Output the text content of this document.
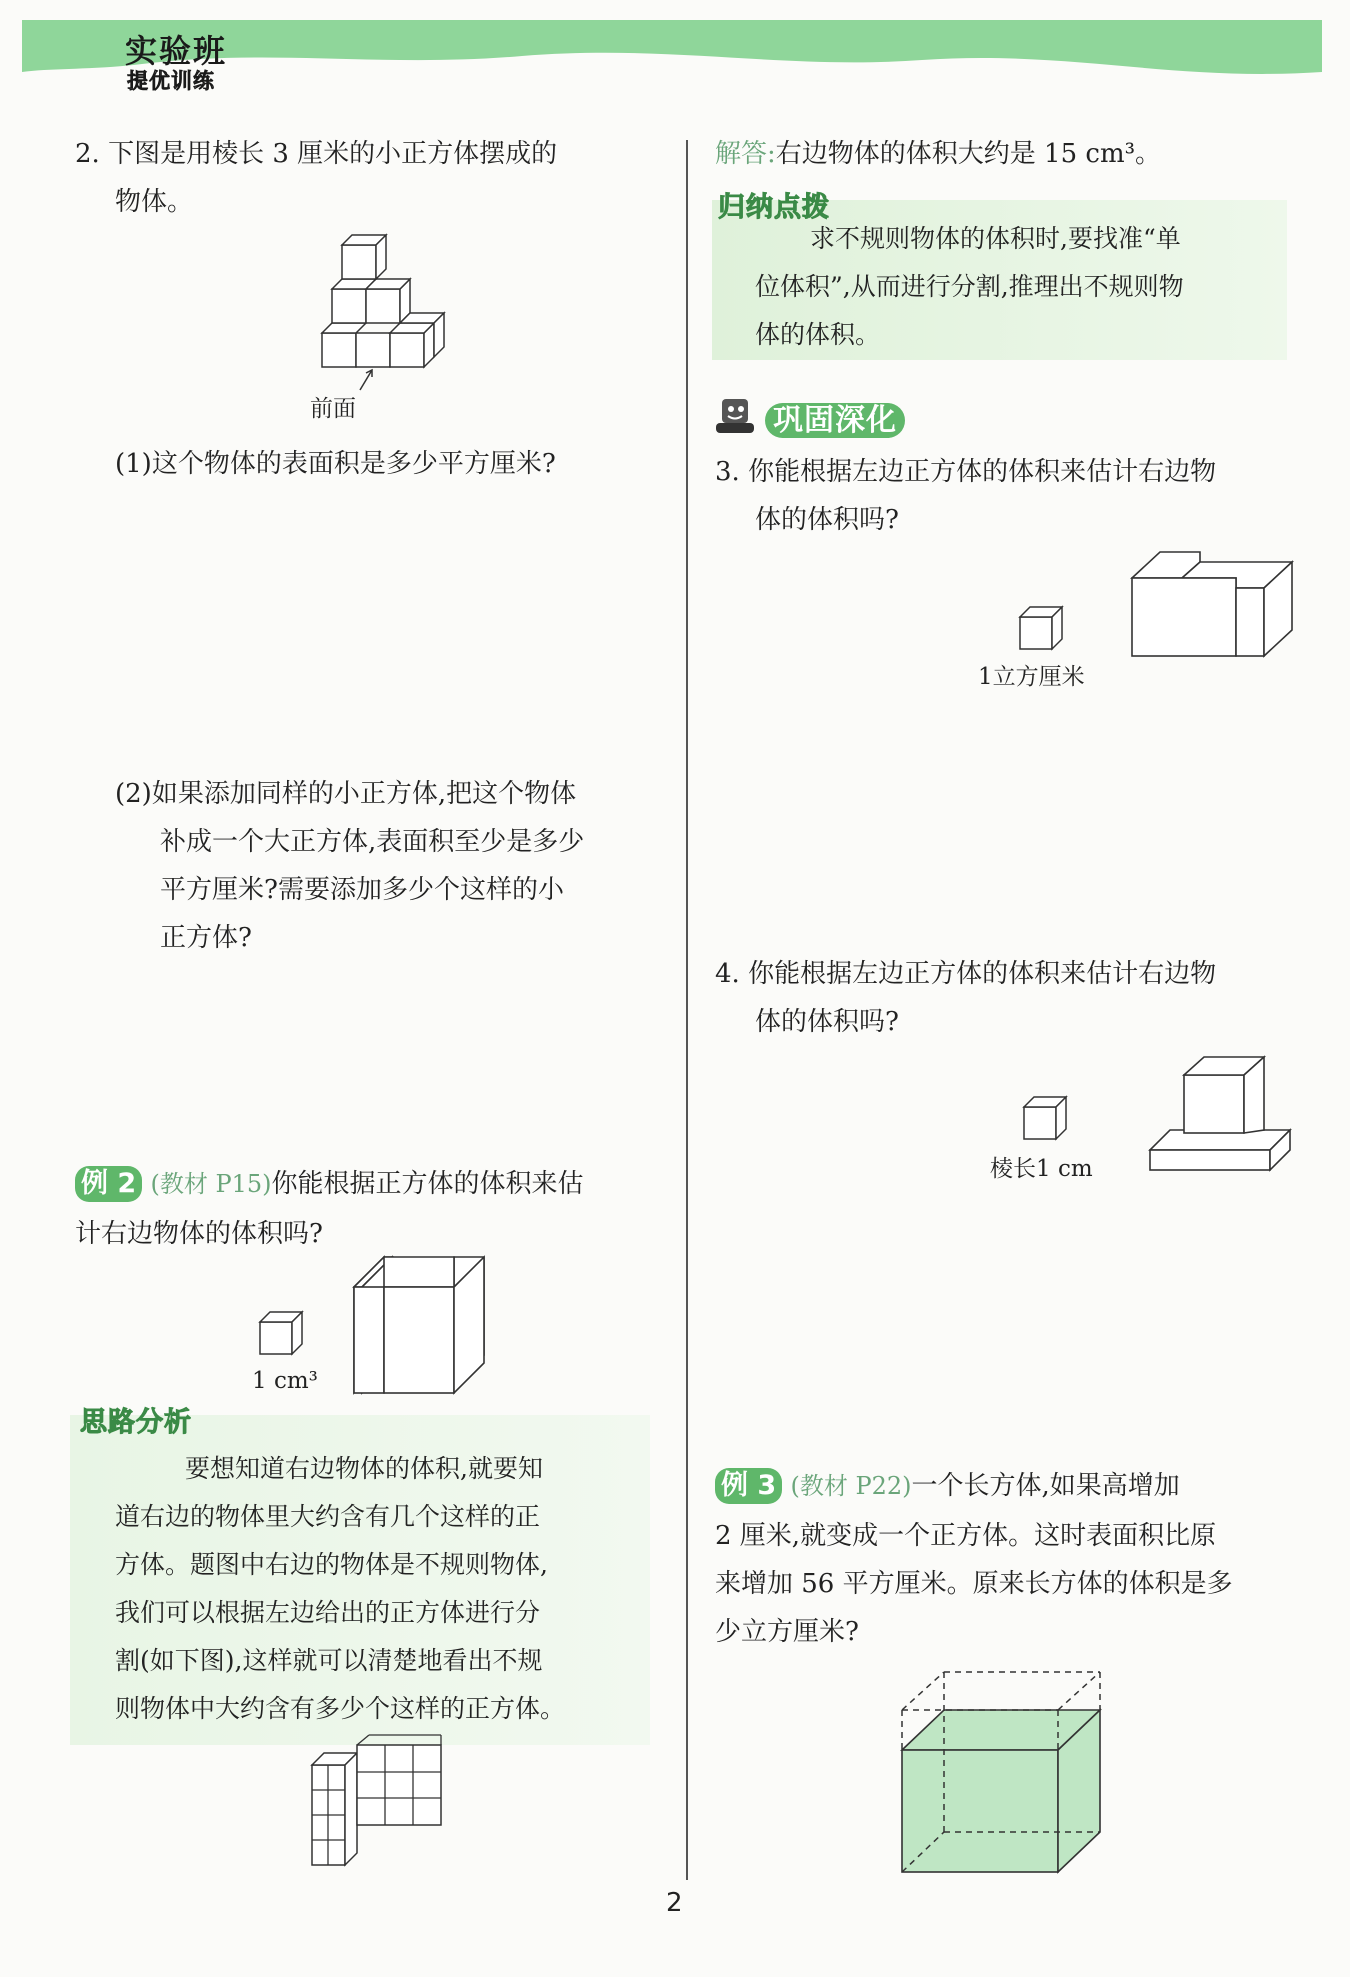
实验班
提优训练
2. 下图是用棱长 3 厘米的小正方体摆成的
物体。
前面
(1)这个物体的表面积是多少平方厘米?
(2)如果添加同样的小正方体,把这个物体
补成一个大正方体,表面积至少是多少
平方厘米?需要添加多少个这样的小
正方体?
例 2 (教材 P15)你能根据正方体的体积来估
计右边物体的体积吗?
1 cm³
思路分析
要想知道右边物体的体积,就要知
道右边的物体里大约含有几个这样的正
方体。题图中右边的物体是不规则物体,
我们可以根据左边给出的正方体进行分
割(如下图),这样就可以清楚地看出不规
则物体中大约含有多少个这样的正方体。
解答:右边物体的体积大约是 15 cm³。
归纳点拨
求不规则物体的体积时,要找准“单
位体积”,从而进行分割,推理出不规则物
体的体积。
巩固深化
3. 你能根据左边正方体的体积来估计右边物
体的体积吗?
1立方厘米
4. 你能根据左边正方体的体积来估计右边物
体的体积吗?
棱长1 cm
例 3 (教材 P22)一个长方体,如果高增加
2 厘米,就变成一个正方体。这时表面积比原
来增加 56 平方厘米。原来长方体的体积是多
少立方厘米?
2
